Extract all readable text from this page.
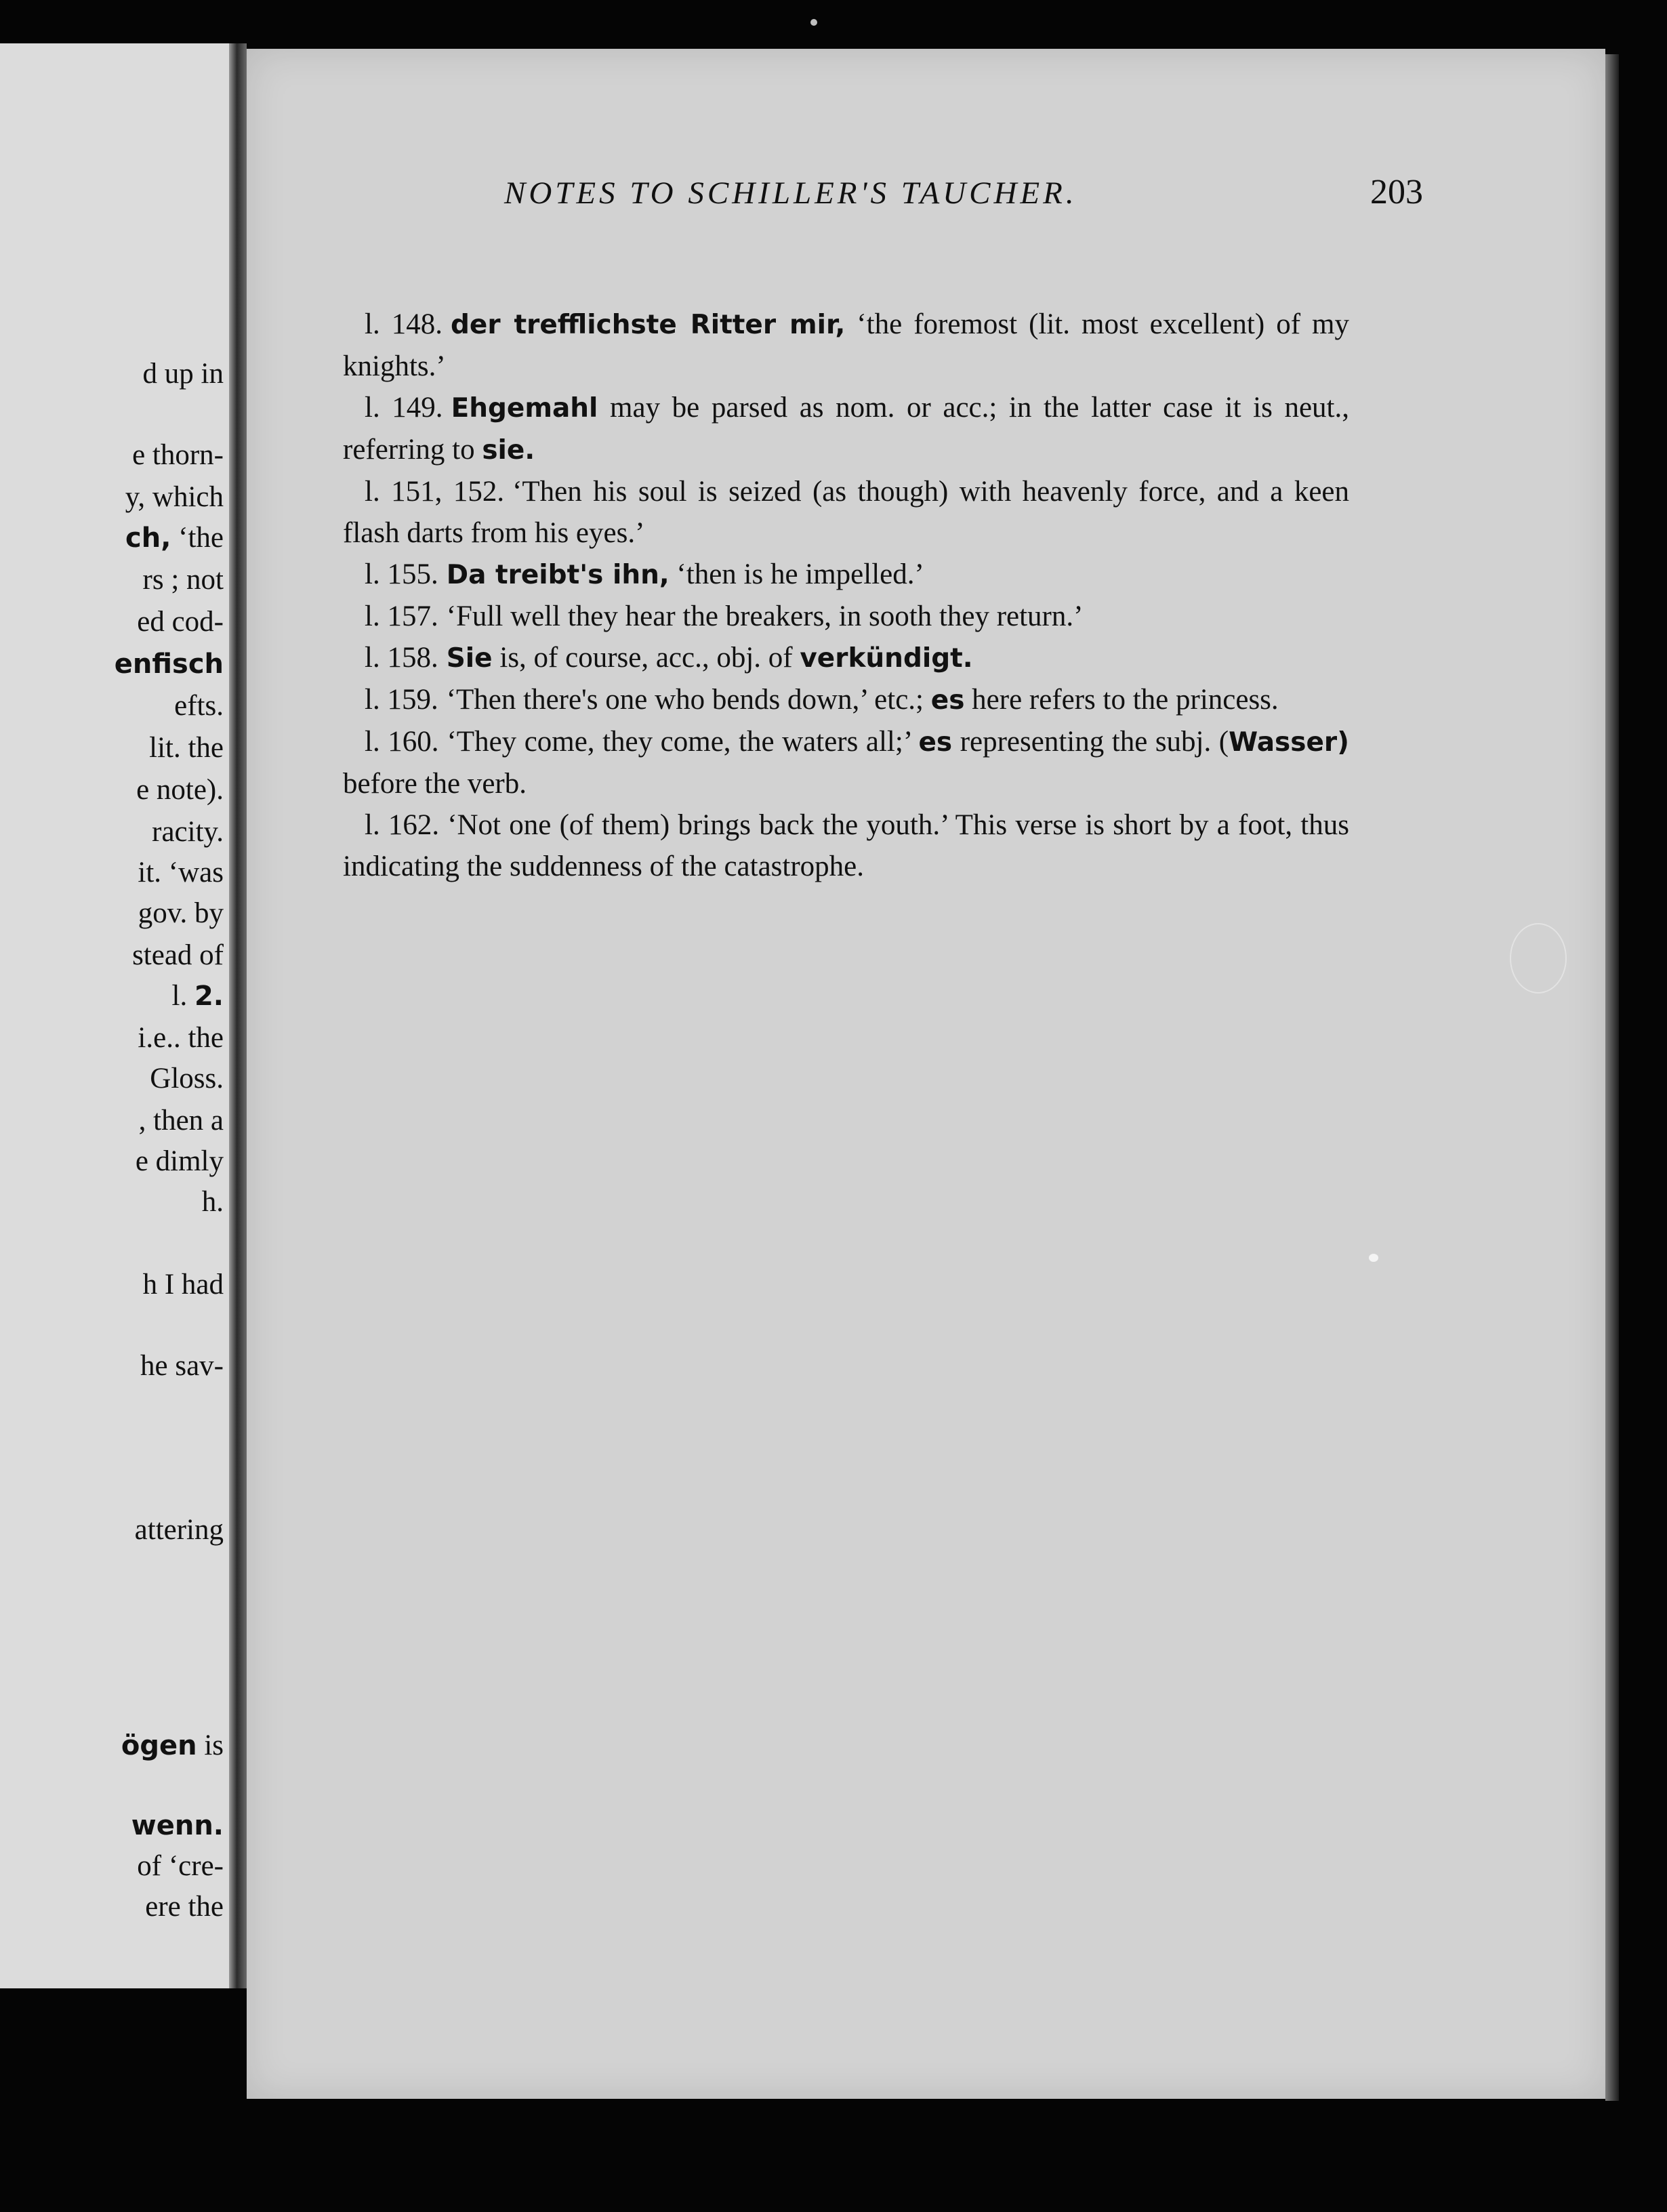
d up in
e thorn-
y, which
ch, ‘the
rs ; not
ed cod-
enfisch
efts.
lit. the
e note).
racity.
it. ‘was
gov. by
stead of
l. 2.
i.e.. the
Gloss.
, then a
e dimly
h.
h I had
he sav-
attering
ögen is
wenn.
of ‘cre-
ere the
NOTES TO SCHILLER'S TAUCHER.	203

l. 148. der trefflichste Ritter mir, ‘the foremost (lit. most excellent) of my knights.’

l. 149. Ehgemahl may be parsed as nom. or acc.; in the latter case it is neut., referring to sie.

l. 151, 152. ‘Then his soul is seized (as though) with heavenly force, and a keen flash darts from his eyes.’

l. 155. Da treibt's ihn, ‘then is he impelled.’

l. 157. ‘Full well they hear the breakers, in sooth they return.’

l. 158. Sie is, of course, acc., obj. of verkündigt.

l. 159. ‘Then there's one who bends down,’ etc.; es here refers to the princess.

l. 160. ‘They come, they come, the waters all;’ es representing the subj. (Wasser) before the verb.

l. 162. ‘Not one (of them) brings back the youth.’ This verse is short by a foot, thus indicating the suddenness of the catastrophe.
